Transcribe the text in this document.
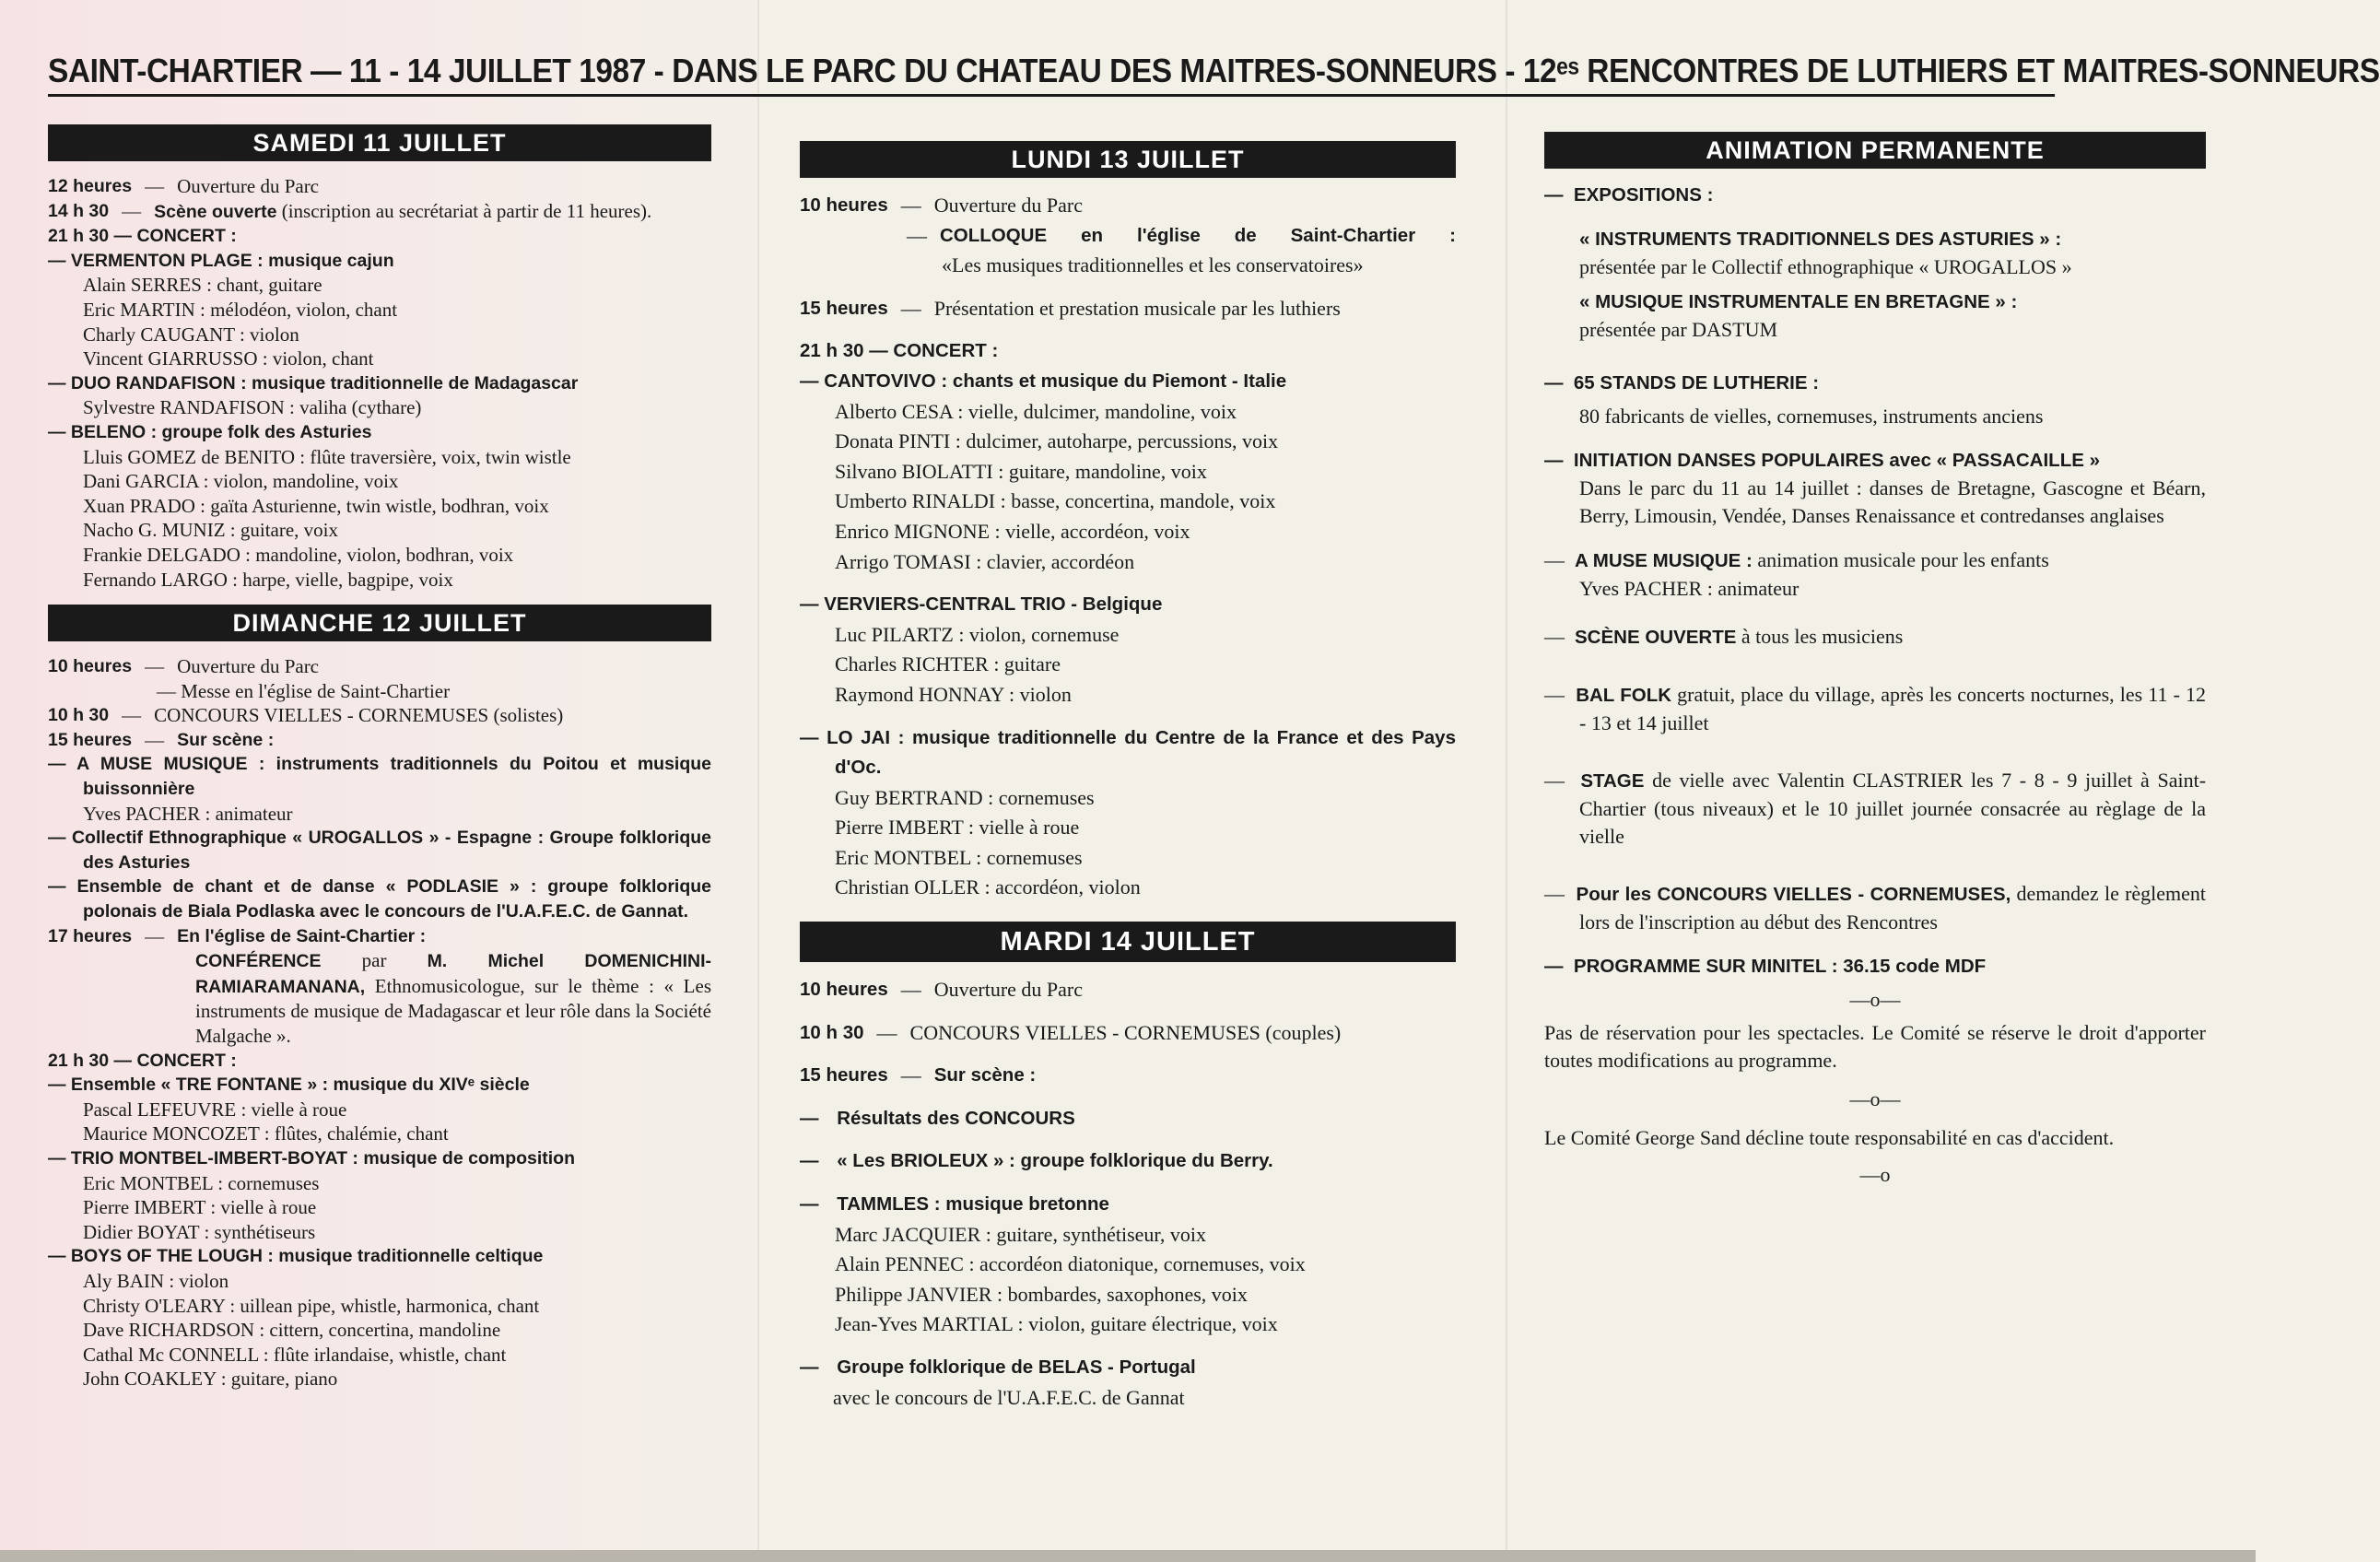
SAINT-CHARTIER — 11 - 14 JUILLET 1987 - DANS LE PARC DU CHATEAU DES MAITRES-SONNEURS - 12ᵉˢ RENCONTRES DE LUTHIERS ET MAITRES-SONNEURS
SAMEDI 11 JUILLET
12 heures — Ouverture du Parc
14 h 30 — Scène ouverte (inscription au secrétariat à partir de 11 heures).
21 h 30 — CONCERT :
— VERMENTON PLAGE : musique cajun
Alain SERRES : chant, guitare
Eric MARTIN : mélodéon, violon, chant
Charly CAUGANT : violon
Vincent GIARRUSSO : violon, chant
— DUO RANDAFISON : musique traditionnelle de Madagascar
Sylvestre RANDAFISON : valiha (cythare)
— BELENO : groupe folk des Asturies
Lluis GOMEZ de BENITO : flûte traversière, voix, twin wistle
Dani GARCIA : violon, mandoline, voix
Xuan PRADO : gaïta Asturienne, twin wistle, bodhran, voix
Nacho G. MUNIZ : guitare, voix
Frankie DELGADO : mandoline, violon, bodhran, voix
Fernando LARGO : harpe, vielle, bagpipe, voix
DIMANCHE 12 JUILLET
10 heures — Ouverture du Parc
— Messe en l'église de Saint-Chartier
10 h 30 — CONCOURS VIELLES - CORNEMUSES (solistes)
15 heures — Sur scène :
— A MUSE MUSIQUE : instruments traditionnels du Poitou et musique buissonnière
Yves PACHER : animateur
— Collectif Ethnographique « UROGALLOS » - Espagne : Groupe folklorique des Asturies
— Ensemble de chant et de danse « PODLASIE » : groupe folklorique polonais de Biala Podlaska avec le concours de l'U.A.F.E.C. de Gannat.
17 heures — En l'église de Saint-Chartier :
CONFÉRENCE par M. Michel DOMENICHINI-RAMIARAMANANA, Ethnomusicologue, sur le thème : « Les instruments de musique de Madagascar et leur rôle dans la Société Malgache ».
21 h 30 — CONCERT :
— Ensemble « TRE FONTANE » : musique du XIVᵉ siècle
Pascal LEFEUVRE : vielle à roue
Maurice MONCOZET : flûtes, chalémie, chant
— TRIO MONTBEL-IMBERT-BOYAT : musique de composition
Eric MONTBEL : cornemuses
Pierre IMBERT : vielle à roue
Didier BOYAT : synthétiseurs
— BOYS OF THE LOUGH : musique traditionnelle celtique
Aly BAIN : violon
Christy O'LEARY : uillean pipe, whistle, harmonica, chant
Dave RICHARDSON : cittern, concertina, mandoline
Cathal Mc CONNELL : flûte irlandaise, whistle, chant
John COAKLEY : guitare, piano
LUNDI 13 JUILLET
10 heures — Ouverture du Parc
— COLLOQUE en l'église de Saint-Chartier :
«Les musiques traditionnelles et les conservatoires»
15 heures — Présentation et prestation musicale par les luthiers
21 h 30 — CONCERT :
— CANTOVIVO : chants et musique du Piemont - Italie
Alberto CESA : vielle, dulcimer, mandoline, voix
Donata PINTI : dulcimer, autoharpe, percussions, voix
Silvano BIOLATTI : guitare, mandoline, voix
Umberto RINALDI : basse, concertina, mandole, voix
Enrico MIGNONE : vielle, accordéon, voix
Arrigo TOMASI : clavier, accordéon
— VERVIERS-CENTRAL TRIO - Belgique
Luc PILARTZ : violon, cornemuse
Charles RICHTER : guitare
Raymond HONNAY : violon
— LO JAI : musique traditionnelle du Centre de la France et des Pays d'Oc.
Guy BERTRAND : cornemuses
Pierre IMBERT : vielle à roue
Eric MONTBEL : cornemuses
Christian OLLER : accordéon, violon
MARDI 14 JUILLET
10 heures — Ouverture du Parc
10 h 30 — CONCOURS VIELLES - CORNEMUSES (couples)
15 heures — Sur scène :
— Résultats des CONCOURS
— « Les BRIOLEUX » : groupe folklorique du Berry.
— TAMMLES : musique bretonne
Marc JACQUIER : guitare, synthétiseur, voix
Alain PENNEC : accordéon diatonique, cornemuses, voix
Philippe JANVIER : bombardes, saxophones, voix
Jean-Yves MARTIAL : violon, guitare électrique, voix
— Groupe folklorique de BELAS - Portugal
avec le concours de l'U.A.F.E.C. de Gannat
ANIMATION PERMANENTE
—  EXPOSITIONS :
« INSTRUMENTS TRADITIONNELS DES ASTURIES » :
présentée par le Collectif ethnographique « UROGALLOS »
« MUSIQUE INSTRUMENTALE EN BRETAGNE » :
présentée par DASTUM
—  65 STANDS DE LUTHERIE :
80 fabricants de vielles, cornemuses, instruments anciens
—  INITIATION DANSES POPULAIRES avec « PASSACAILLE »
Dans le parc du 11 au 14 juillet : danses de Bretagne, Gascogne et Béarn, Berry, Limousin, Vendée, Danses Renaissance et contredanses anglaises
—  A MUSE MUSIQUE : animation musicale pour les enfants
Yves PACHER : animateur
—  SCÈNE OUVERTE à tous les musiciens
—  BAL FOLK gratuit, place du village, après les concerts nocturnes, les 11 - 12 - 13 et 14 juillet
—  STAGE de vielle avec Valentin CLASTRIER les 7 - 8 - 9 juillet à Saint-Chartier (tous niveaux) et le 10 juillet journée consacrée au règlage de la vielle
—  Pour les CONCOURS VIELLES - CORNEMUSES, demandez le règlement lors de l'inscription au début des Rencontres
—  PROGRAMME SUR MINITEL : 36.15 code MDF
—o—
Pas de réservation pour les spectacles. Le Comité se réserve le droit d'apporter toutes modifications au programme.
—o—
Le Comité George Sand décline toute responsabilité en cas d'accident.
—o
